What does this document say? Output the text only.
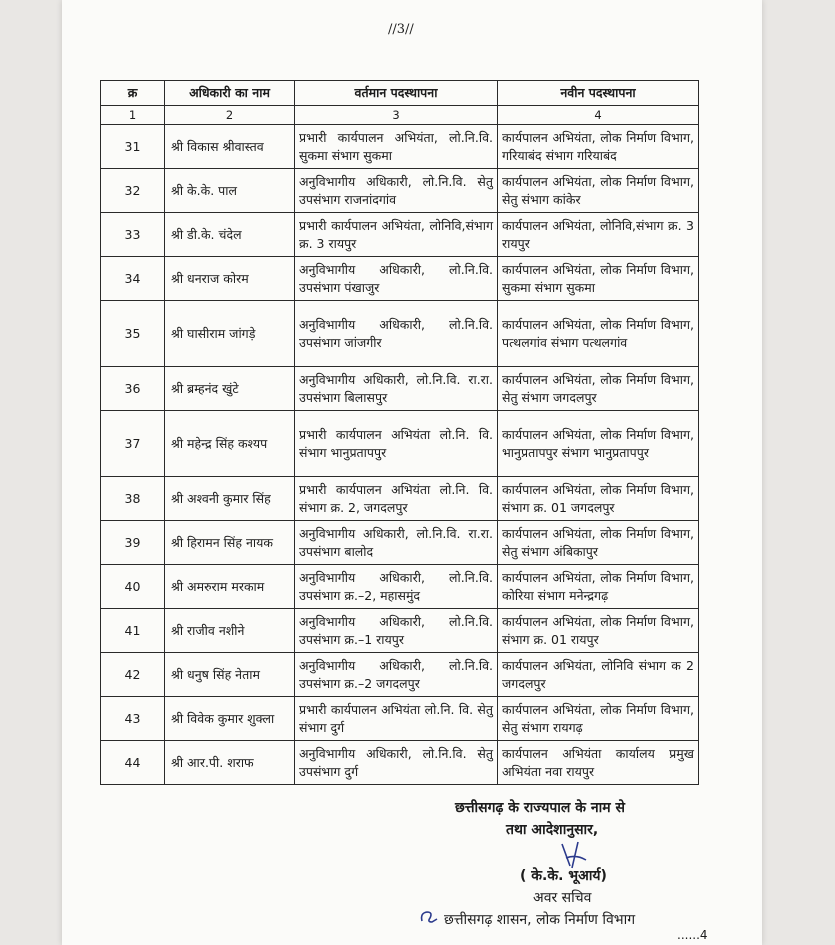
//3//
क्र	अधिकारी का नाम	वर्तमान पदस्थापना	नवीन पदस्थापना
1	2	3	4
31	श्री विकास श्रीवास्तव	प्रभारी कार्यपालन अभियंता, लो.नि.वि. सुकमा संभाग सुकमा	कार्यपालन अभियंता, लोक निर्माण विभाग, गरियाबंद संभाग गरियाबंद
32	श्री के.के. पाल	अनुविभागीय अधिकारी, लो.नि.वि. सेतु उपसंभाग राजनांदगांव	कार्यपालन अभियंता, लोक निर्माण विभाग, सेतु संभाग कांकेर
33	श्री डी.के. चंदेल	प्रभारी कार्यपालन अभियंता, लोनिवि,संभाग क्र. 3 रायपुर	कार्यपालन अभियंता, लोनिवि,संभाग क्र. 3 रायपुर
34	श्री धनराज कोरम	अनुविभागीय अधिकारी, लो.नि.वि. उपसंभाग पंखाजुर	कार्यपालन अभियंता, लोक निर्माण विभाग, सुकमा संभाग सुकमा
35	श्री घासीराम जांगड़े	अनुविभागीय अधिकारी, लो.नि.वि. उपसंभाग जांजगीर	कार्यपालन अभियंता, लोक निर्माण विभाग, पत्थलगांव संभाग पत्थलगांव
36	श्री ब्रम्हनंद खुंटे	अनुविभागीय अधिकारी, लो.नि.वि. रा.रा. उपसंभाग बिलासपुर	कार्यपालन अभियंता, लोक निर्माण विभाग, सेतु संभाग जगदलपुर
37	श्री महेन्द्र सिंह कश्यप	प्रभारी कार्यपालन अभियंता लो.नि. वि. संभाग भानुप्रतापपुर	कार्यपालन अभियंता, लोक निर्माण विभाग, भानुप्रतापपुर संभाग भानुप्रतापपुर
38	श्री अश्वनी कुमार सिंह	प्रभारी कार्यपालन अभियंता लो.नि. वि. संभाग क्र. 2, जगदलपुर	कार्यपालन अभियंता, लोक निर्माण विभाग, संभाग क्र. 01 जगदलपुर
39	श्री हिरामन सिंह नायक	अनुविभागीय अधिकारी, लो.नि.वि. रा.रा. उपसंभाग बालोद	कार्यपालन अभियंता, लोक निर्माण विभाग, सेतु संभाग अंबिकापुर
40	श्री अमरुराम मरकाम	अनुविभागीय अधिकारी, लो.नि.वि. उपसंभाग क्र.–2, महासमुंद	कार्यपालन अभियंता, लोक निर्माण विभाग, कोरिया संभाग मनेन्द्रगढ़
41	श्री राजीव नशीने	अनुविभागीय अधिकारी, लो.नि.वि. उपसंभाग क्र.–1 रायपुर	कार्यपालन अभियंता, लोक निर्माण विभाग, संभाग क्र. 01 रायपुर
42	श्री धनुष सिंह नेताम	अनुविभागीय अधिकारी, लो.नि.वि. उपसंभाग क्र.–2 जगदलपुर	कार्यपालन अभियंता, लोनिवि संभाग क 2 जगदलपुर
43	श्री विवेक कुमार शुक्ला	प्रभारी कार्यपालन अभियंता लो.नि. वि. सेतु संभाग दुर्ग	कार्यपालन अभियंता, लोक निर्माण विभाग, सेतु संभाग रायगढ़
44	श्री आर.पी. शराफ	अनुविभागीय अधिकारी, लो.नि.वि. सेतु उपसंभाग दुर्ग	कार्यपालन अभियंता कार्यालय प्रमुख अभियंता नवा रायपुर
छत्तीसगढ़ के राज्यपाल के नाम से
तथा आदेशानुसार,
( के.के. भूआर्य)
अवर सचिव
छत्तीसगढ़ शासन, लोक निर्माण विभाग
......4
